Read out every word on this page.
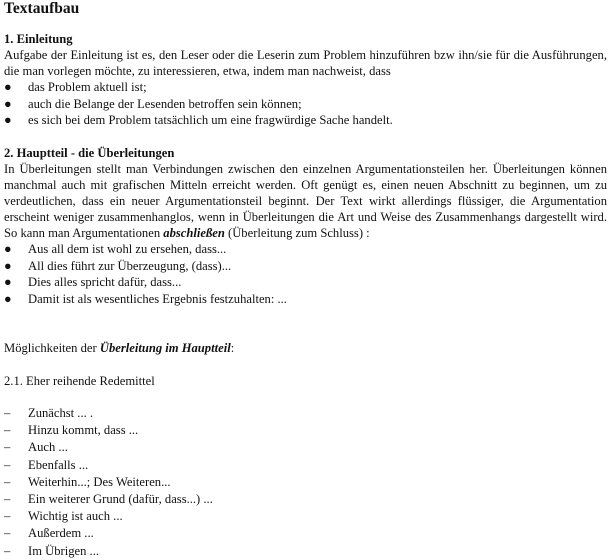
Textaufbau
1. Einleitung

Aufgabe der Einleitung ist es, den Leser oder die Leserin zum Problem hinzuführen bzw ihn/sie für die Ausführungen, die man vorlegen möchte, zu interessieren, etwa, indem man nachweist, dass

● das Problem aktuell ist;
● auch die Belange der Lesenden betroffen sein können;
● es sich bei dem Problem tatsächlich um eine fragwürdige Sache handelt.
2. Hauptteil - die Überleitungen

In Überleitungen stellt man Verbindungen zwischen den einzelnen Argumentationsteilen her. Überleitungen können manchmal auch mit grafischen Mitteln erreicht werden. Oft genügt es, einen neuen Abschnitt zu beginnen, um zu verdeutlichen, dass ein neuer Argumentationsteil beginnt. Der Text wirkt allerdings flüssiger, die Argumentation erscheint weniger zusammenhanglos, wenn in Überleitungen die Art und Weise des Zusammenhangs dargestellt wird. So kann man Argumentationen abschließen (Überleitung zum Schluss) :

● Aus all dem ist wohl zu ersehen, dass...
● All dies führt zur Überzeugung, (dass)...
● Dies alles spricht dafür, dass...
● Damit ist als wesentliches Ergebnis festzuhalten: ...

Möglichkeiten der Überleitung im Hauptteil:

2.1. Eher reihende Redemittel

– Zunächst ... .
– Hinzu kommt, dass ...
– Auch ...
– Ebenfalls ...
– Weiterhin...; Des Weiteren...
– Ein weiterer Grund (dafür, dass...) ...
– Wichtig ist auch ...
– Außerdem ...
– Im Übrigen ...
